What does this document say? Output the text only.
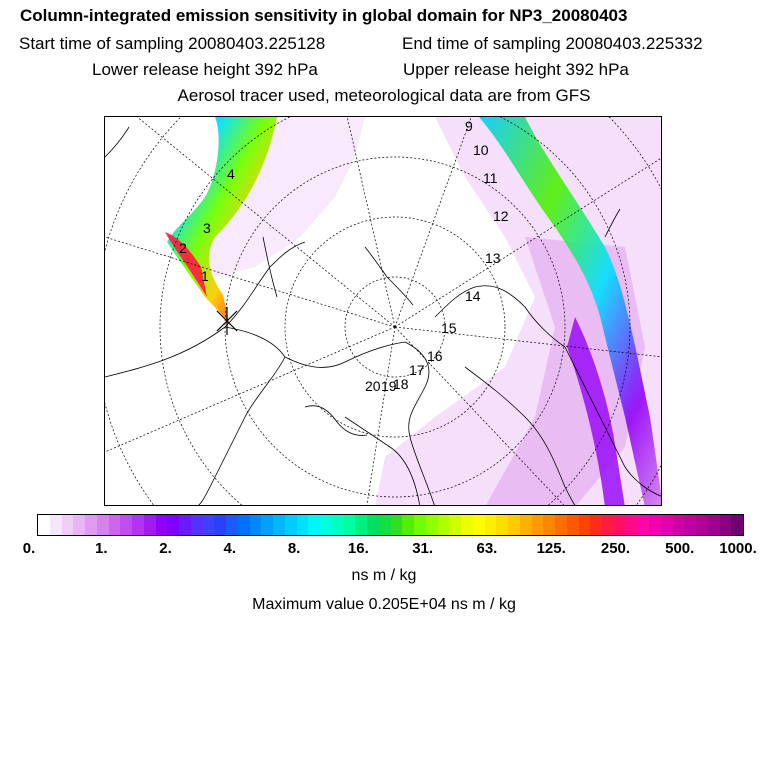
Column-integrated emission sensitivity in global domain for NP3_20080403
Start time of sampling 20080403.225128	End time of sampling 20080403.225332
Lower release height 392 hPa	Upper release height 392 hPa
Aerosol tracer used, meteorological data are from GFS
1
2
3
4
9
10
11
12
13
14
15
16
17
18
19
20
0.	1.	2.	4.	8.	16.	31.	63.	125. 250. 500. 1000.
ns m / kg
Maximum value 0.205E+04 ns m / kg
